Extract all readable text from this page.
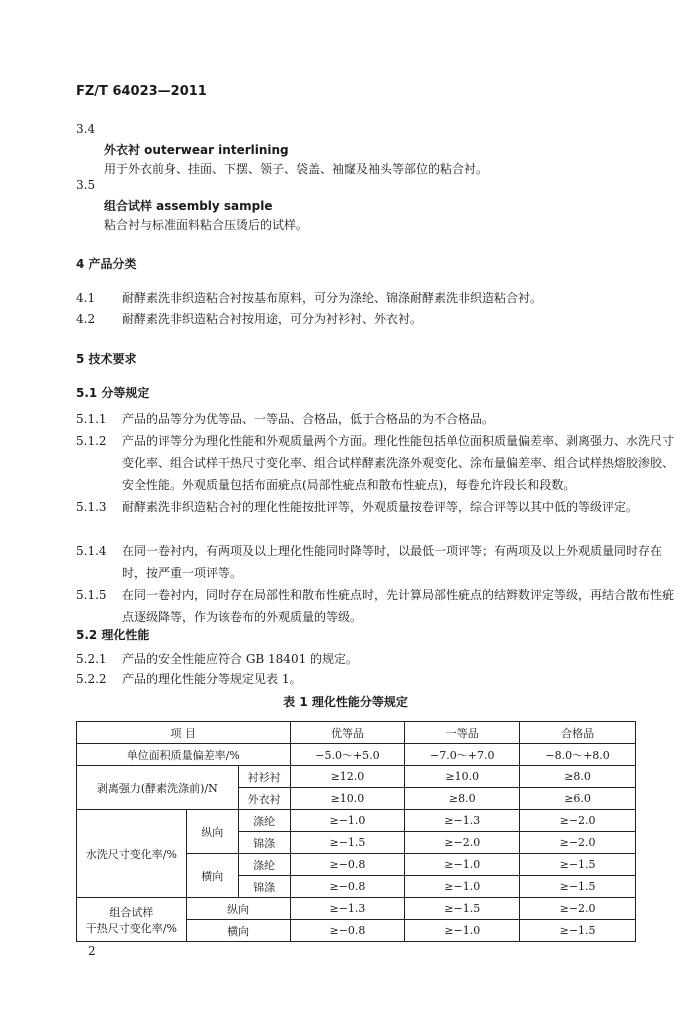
FZ/T 64023—2011
3.4
外衣衬 outerwear interlining
用于外衣前身、挂面、下摆、领子、袋盖、袖窿及袖头等部位的粘合衬。
3.5
组合试样 assembly sample
粘合衬与标准面料粘合压烫后的试样。
4 产品分类
4.1 耐酵素洗非织造粘合衬按基布原料，可分为涤纶、锦涤耐酵素洗非织造粘合衬。
4.2 耐酵素洗非织造粘合衬按用途，可分为衬衫衬、外衣衬。
5 技术要求
5.1 分等规定
5.1.1 产品的品等分为优等品、一等品、合格品，低于合格品的为不合格品。
5.1.2 产品的评等分为理化性能和外观质量两个方面。理化性能包括单位面积质量偏差率、剥离强力、水洗尺寸变化率、组合试样干热尺寸变化率、组合试样酵素洗涤外观变化、涂布量偏差率、组合试样热熔胶渗胶、安全性能。外观质量包括布面疵点(局部性疵点和散布性疵点)，每卷允许段长和段数。
5.1.3 耐酵素洗非织造粘合衬的理化性能按批评等，外观质量按卷评等，综合评等以其中低的等级评定。
5.1.4 在同一卷衬内，有两项及以上理化性能同时降等时，以最低一项评等；有两项及以上外观质量同时存在时，按严重一项评等。
5.1.5 在同一卷衬内，同时存在局部性和散布性疵点时，先计算局部性疵点的结辫数评定等级，再结合散布性疵点逐级降等，作为该卷布的外观质量的等级。
5.2 理化性能
5.2.1 产品的安全性能应符合 GB 18401 的规定。
5.2.2 产品的理化性能分等规定见表 1。
表 1 理化性能分等规定
项 目			优等品	一等品	合格品
单位面积质量偏差率/%			−5.0～+5.0	−7.0～+7.0	−8.0～+8.0
剥离强力(酵素洗涤前)/N		衬衫衬	≥12.0	≥10.0	≥8.0
		外衣衬	≥10.0	≥8.0	≥6.0
水洗尺寸变化率/%	纵向	涤纶	≥−1.0	≥−1.3	≥−2.0
		锦涤	≥−1.5	≥−2.0	≥−2.0
	横向	涤纶	≥−0.8	≥−1.0	≥−1.5
		锦涤	≥−0.8	≥−1.0	≥−1.5

组合试样
干热尺寸变化率/%	纵向		≥−1.3	≥−1.5	≥−2.0
	横向		≥−0.8	≥−1.0	≥−1.5
2
